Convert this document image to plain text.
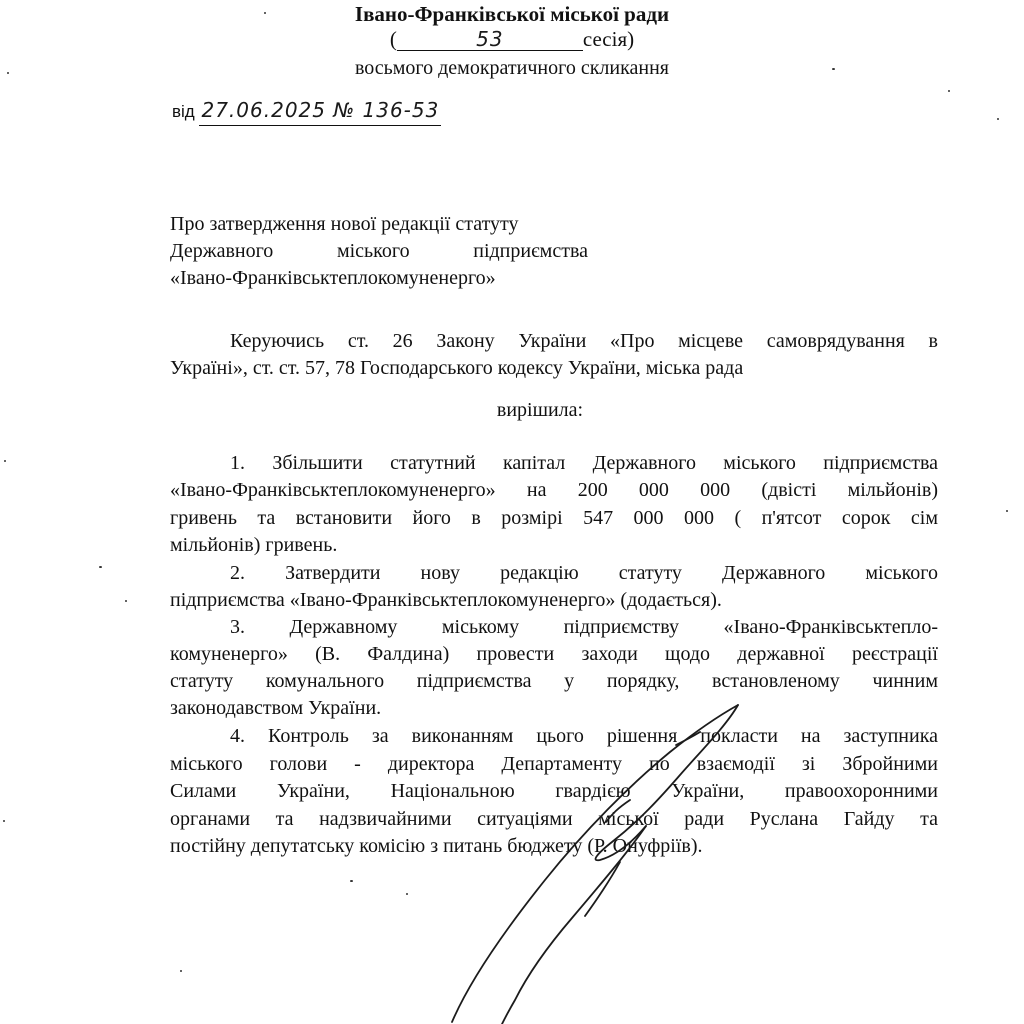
Івано-Франківської міської ради
(	53	сесія)
восьмого демократичного скликання
від 27.06.2025 № 136-53
Про затвердження нової редакції статуту
Державного міського підприємства
«Івано-Франківськтеплокомуненерго»
Керуючись ст. 26 Закону України «Про місцеве самоврядування в
Україні», ст. ст. 57, 78 Господарського кодексу України, міська рада
вирішила:
1. Збільшити статутний капітал Державного міського підприємства
«Івано-Франківськтеплокомуненерго» на 200 000 000 (двісті мільйонів)
гривень та встановити його в розмірі 547 000 000 ( п'ятсот сорок сім
мільйонів) гривень.
2. Затвердити нову редакцію статуту Державного міського
підприємства «Івано-Франківськтеплокомуненерго» (додається).
3. Державному міському підприємству «Івано-Франківськтепло-
комуненерго» (В. Фалдина) провести заходи щодо державної реєстрації
статуту комунального підприємства у порядку, встановленому чинним
законодавством України.
4. Контроль за виконанням цього рішення покласти на заступника
міського голови - директора Департаменту по взаємодії зі Збройними
Силами України, Національною гвардією України, правоохоронними
органами та надзвичайними ситуаціями міської ради Руслана Гайду та
постійну депутатську комісію з питань бюджету (Р. Онуфріїв).
